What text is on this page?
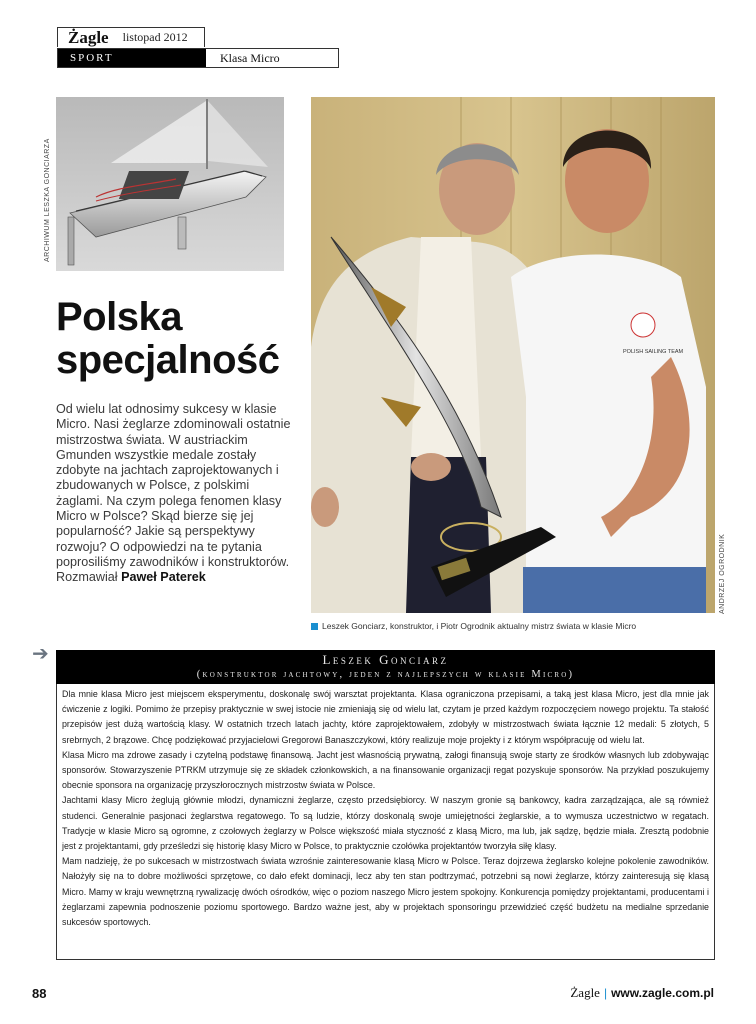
Żagle listopad 2012
SPORT	Klasa Micro
ARCHIWUM LESZKA GONCIARZA
POLISH SAILING TEAM
ANDRZEJ OGRODNIK
Leszek Gonciarz, konstruktor, i Piotr Ogrodnik aktualny mistrz świata w klasie Micro
Polska
specjalność
Od wielu lat odnosimy sukcesy w klasie Micro. Nasi żeglarze zdominowali ostatnie mistrzostwa świata. W austriackim Gmunden wszystkie medale zostały zdobyte na jachtach zaprojektowanych i zbudowanych w Polsce, z polskimi żaglami. Na czym polega fenomen klasy Micro w Polsce? Skąd bierze się jej popularność? Jakie są perspektywy rozwoju? O odpowiedzi na te pytania poprosiliśmy zawodników i konstruktorów. Rozmawiał Paweł Paterek
➔	Leszek Gonciarz
(konstruktor jachtowy, jeden z najlepszych w klasie Micro)

Dla mnie klasa Micro jest miejscem eksperymentu, doskonalę swój warsztat projektanta. Klasa ograniczona przepisami, a taką jest klasa Micro, jest dla mnie jak ćwiczenie z logiki. Pomimo że przepisy praktycznie w swej istocie nie zmieniają się od wielu lat, czytam je przed każdym rozpoczęciem nowego projektu. Ta stałość przepisów jest dużą wartością klasy. W ostatnich trzech latach jachty, które zaprojektowałem, zdobyły w mistrzostwach świata łącznie 12 medali: 5 złotych, 5 srebrnych, 2 brązowe. Chcę podziękować przyjacielowi Gregorowi Banaszczykowi, który realizuje moje projekty i z którym współpracuję od wielu lat.

Klasa Micro ma zdrowe zasady i czytelną podstawę finansową. Jacht jest własnością prywatną, załogi finansują swoje starty ze środków własnych lub zdobywając sponsorów. Stowarzyszenie PTRKM utrzymuje się ze składek członkowskich, a na finansowanie organizacji regat pozyskuje sponsorów. Na przykład poszukujemy obecnie sponsora na organizację przyszłorocznych mistrzostw świata w Polsce.

Jachtami klasy Micro żeglują głównie młodzi, dynamiczni żeglarze, często przedsiębiorcy. W naszym gronie są bankowcy, kadra zarządzająca, ale są również studenci. Generalnie pasjonaci żeglarstwa regatowego. To są ludzie, którzy doskonalą swoje umiejętności żeglarskie, a to wymusza uczestnictwo w regatach. Tradycje w klasie Micro są ogromne, z czołowych żeglarzy w Polsce większość miała styczność z klasą Micro, ma lub, jak sądzę, będzie miała. Zresztą podobnie jest z projektantami, gdy prześledzi się historię klasy Micro w Polsce, to praktycznie czołówka projektantów tworzyła siłę klasy.

Mam nadzieję, że po sukcesach w mistrzostwach świata wzrośnie zainteresowanie klasą Micro w Polsce. Teraz dojrzewa żeglarsko kolejne pokolenie zawodników. Nałożyły się na to dobre możliwości sprzętowe, co dało efekt dominacji, lecz aby ten stan podtrzymać, potrzebni są nowi żeglarze, którzy zainteresują się klasą Micro. Mamy w kraju wewnętrzną rywalizację dwóch ośrodków, więc o poziom naszego Micro jestem spokojny. Konkurencja pomiędzy projektantami, producentami i żeglarzami zapewnia podnoszenie poziomu sportowego. Bardzo ważne jest, aby w projektach sponsoringu przewidzieć część budżetu na medialne sprzedanie sukcesów sportowych.

88	Żagle | www.zagle.com.pl
